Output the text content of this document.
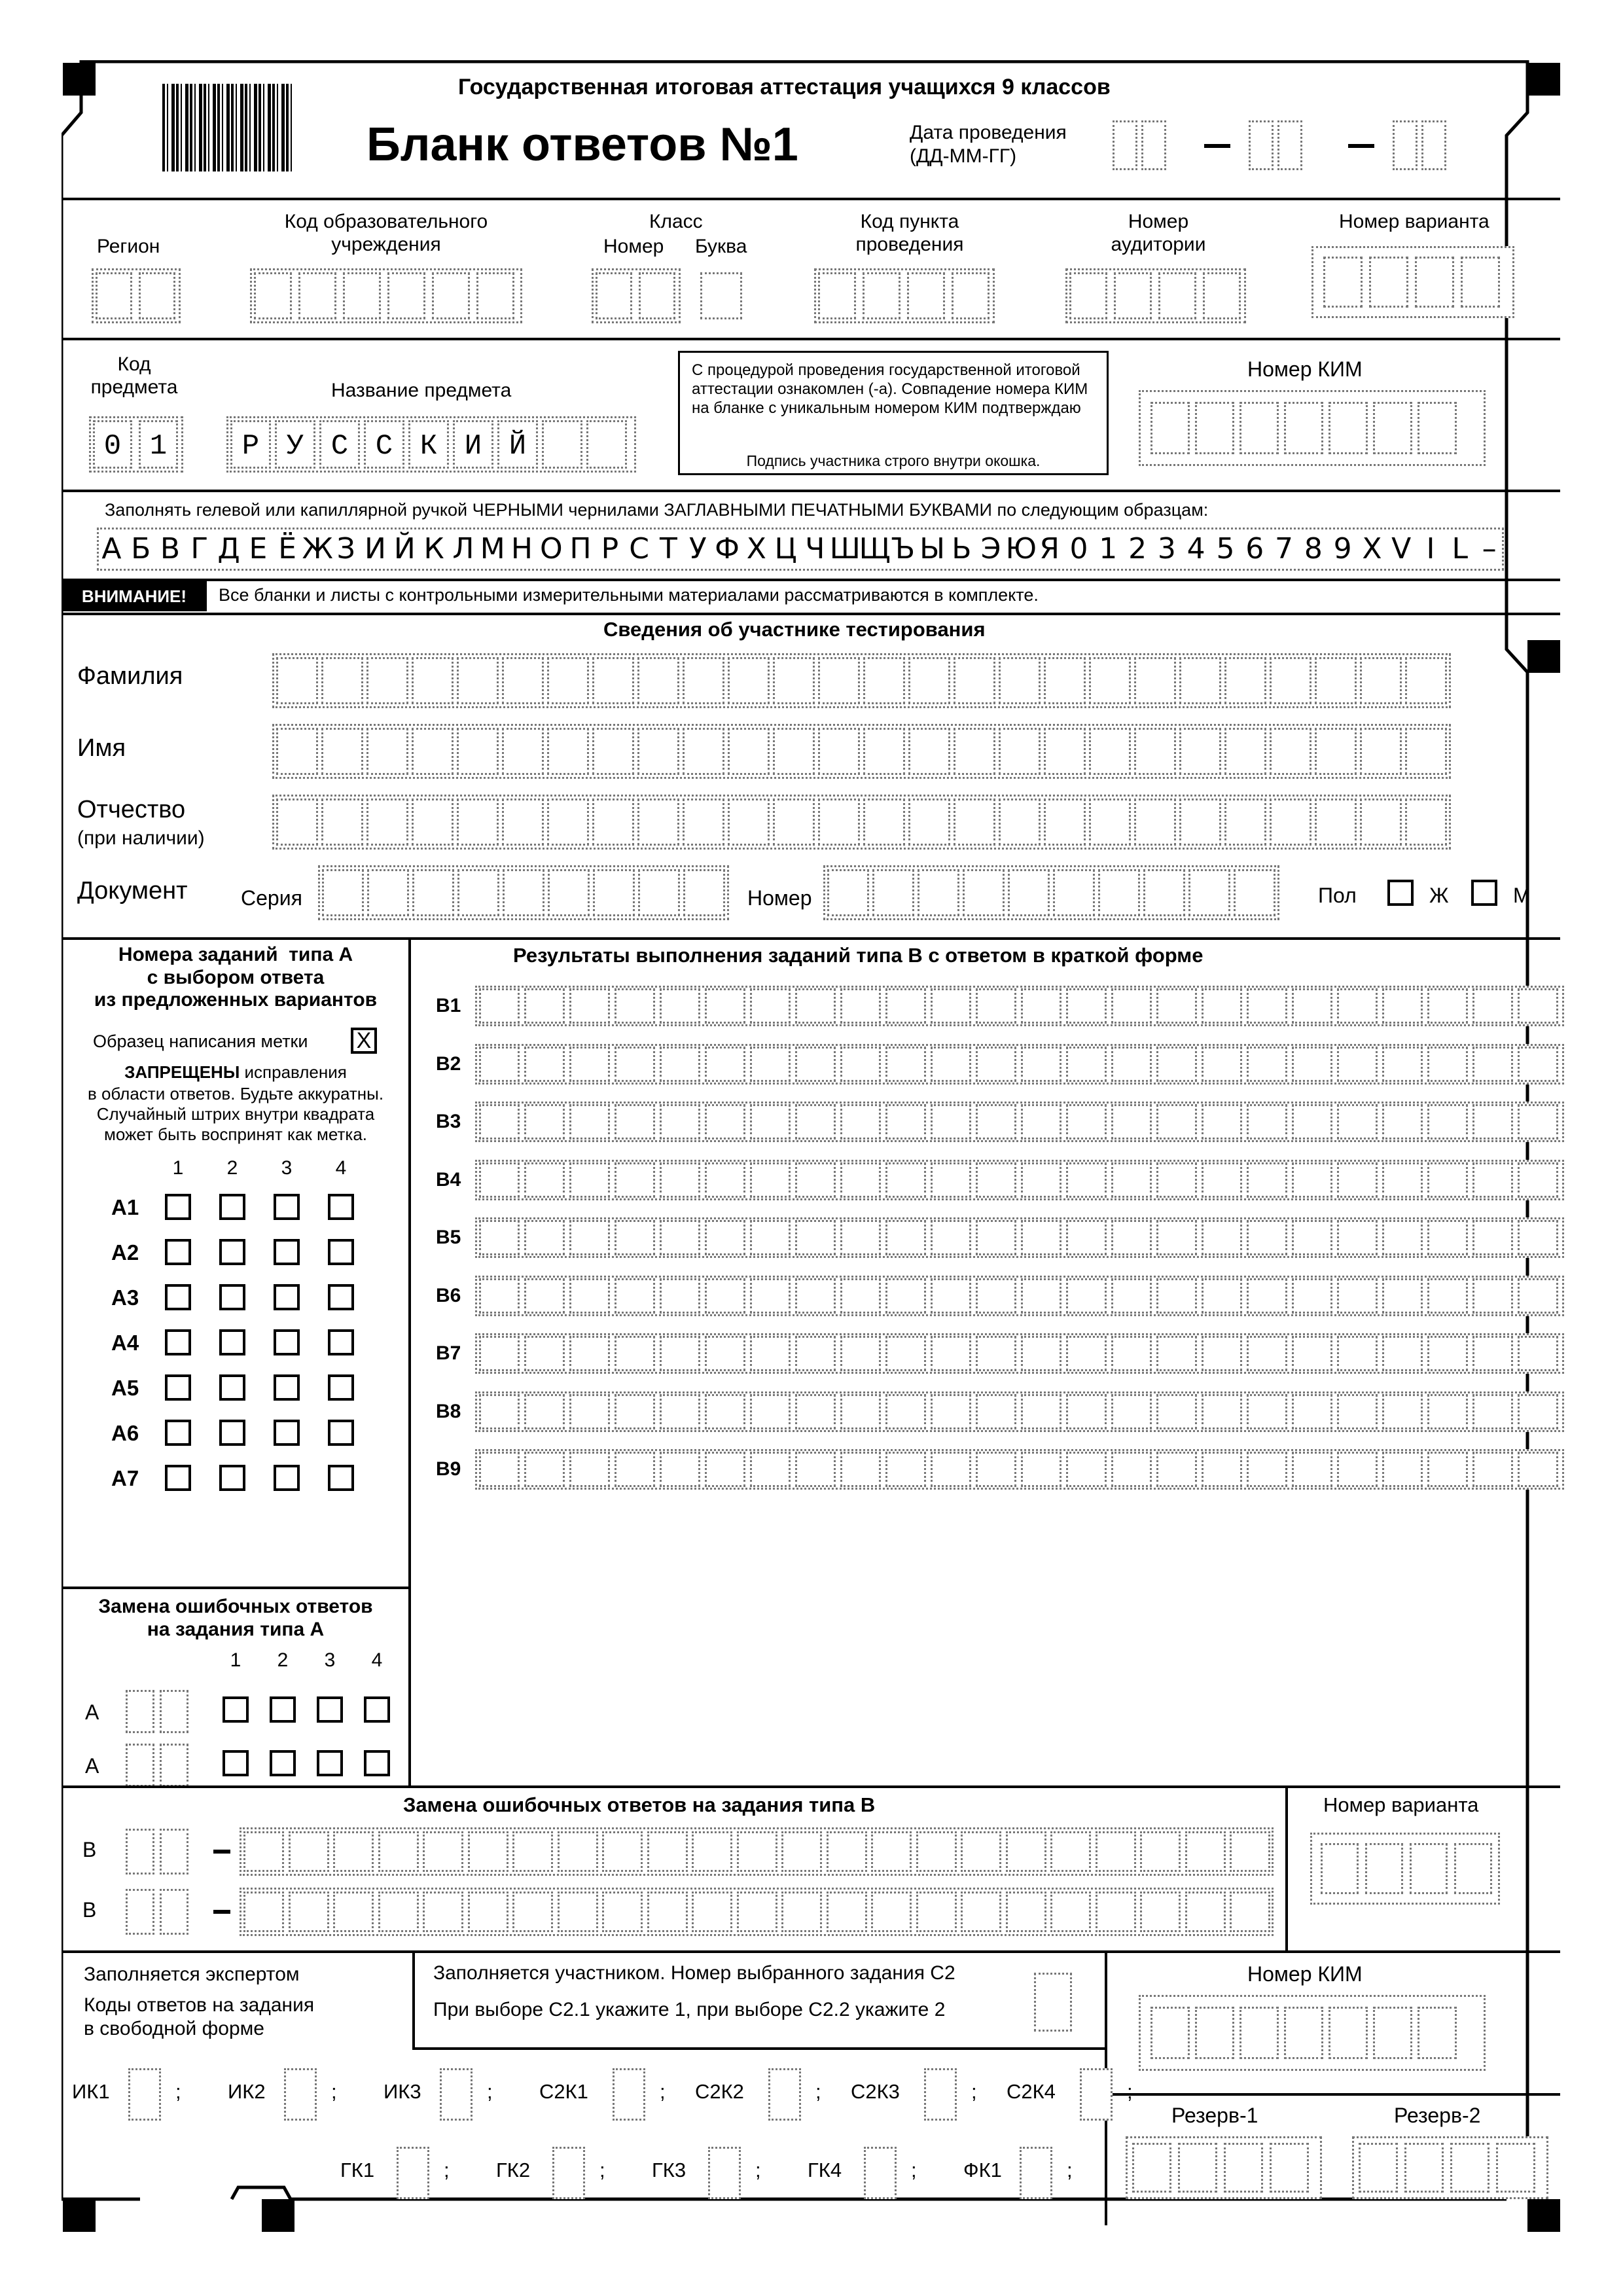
Государственная итоговая аттестация учащихся 9 классов
Бланк ответов №1	Дата проведения
(ДД-ММ-ГГ)
Регион
Код образовательного
учреждения
Класс
Номер Буква
Код пункта
проведения
Номер
аудитории
Номер варианта
Код
предмета	Название предмета
0 1	Р У С С К И Й
С процедурой проведения государственной итоговой аттестации ознакомлен (-а). Совпадение номера КИМ на бланке с уникальным номером КИМ подтверждаю
Подпись участника строго внутри окошка.
Номер КИМ
Заполнять гелевой или капиллярной ручкой ЧЕРНЫМИ чернилами ЗАГЛАВНЫМИ ПЕЧАТНЫМИ БУКВАМИ по следующим образцам:
А Б В Г Д Е Ё Ж З И Й К Л М Н О П Р С Т У Ф Х Ц Ч Ш
Щ Ъ Ы Ь Э Ю Я 0 1 2 3 4 5 6 7 8 9 X V I L –
ВНИМАНИЕ!	Все бланки и листы с контрольными измерительными материалами рассматриваются в комплекте.
Сведения об участнике тестирования
Фамилия
Имя
Отчество
(при наличии)
Документ	Серия	Номер	Пол	Ж	М
Номера заданий  типа А
с выбором ответа
из предложенных вариантов
Образец написания метки X
ЗАПРЕЩЕНЫ исправления
в области ответов. Будьте аккуратны.
Случайный штрих внутри квадрата
может быть воспринят как метка.
1	2	3	4
А1
А2
А3
А4
А5
А6
А7
Замена ошибочных ответов
на задания типа А
1	2	3	4
А
А
Результаты выполнения заданий типа В с ответом в краткой форме
В1
В2
В3
В4
В5
В6
В7
В8
В9
Замена ошибочных ответов на задания типа В	Номер варианта
В
В
Заполняется экспертом
Коды ответов на задания
в свободной форме
Заполняется участником. Номер выбранного задания С2
При выборе С2.1 укажите 1, при выборе С2.2 укажите 2
Номер КИМ
ИК1	; ИК2	; ИК3	; С2К1	; С2К2	; С2К3	; С2К4	;
ГК1	; ГК2	; ГК3	; ГК4	; ФК1	;
Резерв-1	Резерв-2
